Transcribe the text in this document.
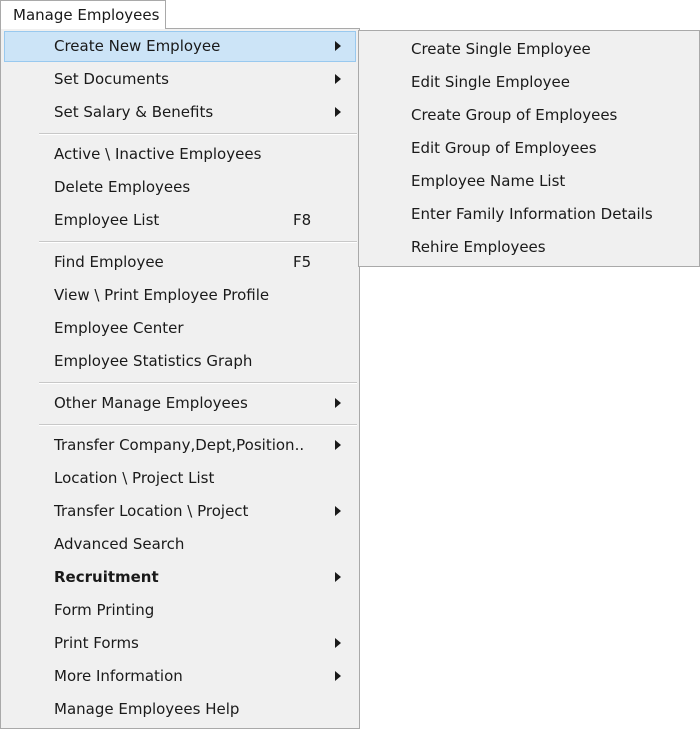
Manage Employees
Create New Employee
Set Documents
Set Salary & Benefits
Active \ Inactive Employees
Delete Employees
Employee List	F8
Find Employee	F5
View \ Print Employee Profile
Employee Center
Employee Statistics Graph
Other Manage Employees
Transfer Company,Dept,Position..
Location \ Project List
Transfer Location \ Project
Advanced Search
Recruitment
Form Printing
Print Forms
More Information
Manage Employees Help
Create Single Employee
Edit Single Employee
Create Group of Employees
Edit Group of Employees
Employee Name List
Enter Family Information Details
Rehire Employees
